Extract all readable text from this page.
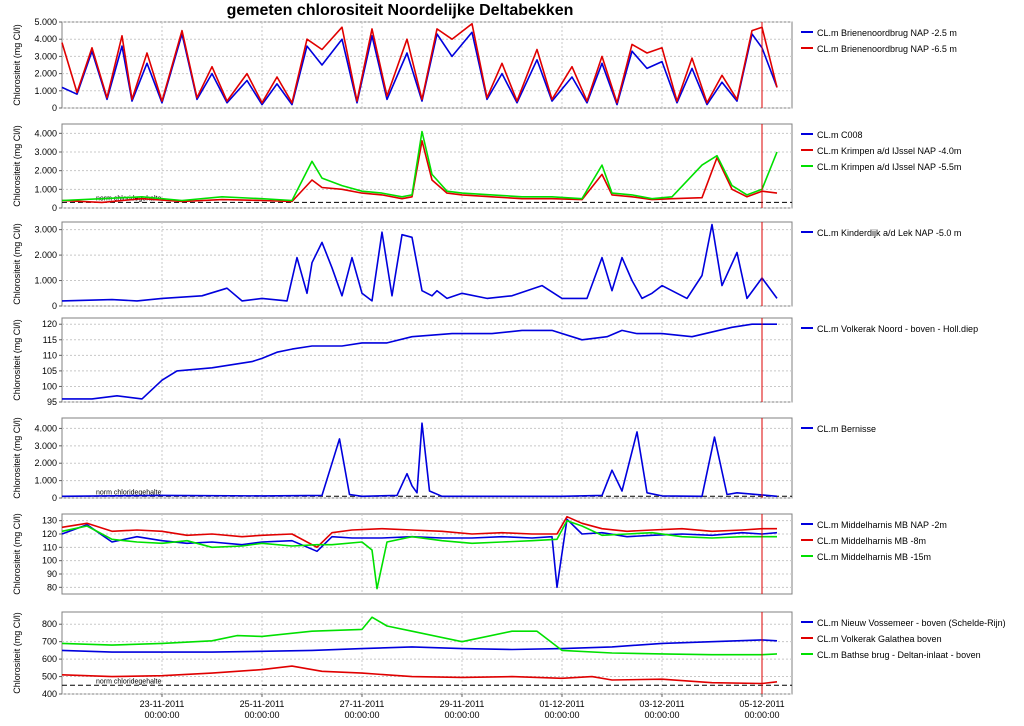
gemeten chlorositeit Noordelijke Deltabekken
0
1.000
2.000
3.000
4.000
5.000
Chlorositeit (mg Cl/l)	CL.m Brienenoordbrug NAP -2.5 m
CL.m Brienenoordbrug NAP -6.5 m
0
1.000
2.000
3.000
4.000
Chlorositeit (mg Cl/l)	norm chloridegehalte
CL.m C008
CL.m Krimpen a/d IJssel NAP -4.0m
CL.m Krimpen a/d IJssel NAP -5.5m
0
1.000
2.000
3.000
Chlorositeit (mg Cl/l)	CL.m Kinderdijk a/d Lek NAP -5.0 m
95
100
105
110
115
120
Chlorositeit (mg Cl/l)	CL.m Volkerak Noord - boven - Holl.diep
0
1.000
2.000
3.000
4.000
Chlorositeit (mg Cl/l)	norm chloridegehalte
CL.m Bernisse
80
90
100
110
120
130
Chlorositeit (mg Cl/l)	CL.m Middelharnis MB NAP -2m
CL.m Middelharnis MB -8m
CL.m Middelharnis MB -15m
400
500
600
700
800
Chlorositeit (mg Cl/l)	norm chloridegehalte
CL.m Nieuw Vossemeer - boven (Schelde-Rijn)
CL.m Volkerak Galathea boven
CL.m Bathse brug - Deltan-inlaat - boven
23-11-2011
00:00:00
25-11-2011
00:00:00
27-11-2011
00:00:00
29-11-2011
00:00:00
01-12-2011
00:00:00
03-12-2011
00:00:00
05-12-2011
00:00:00
